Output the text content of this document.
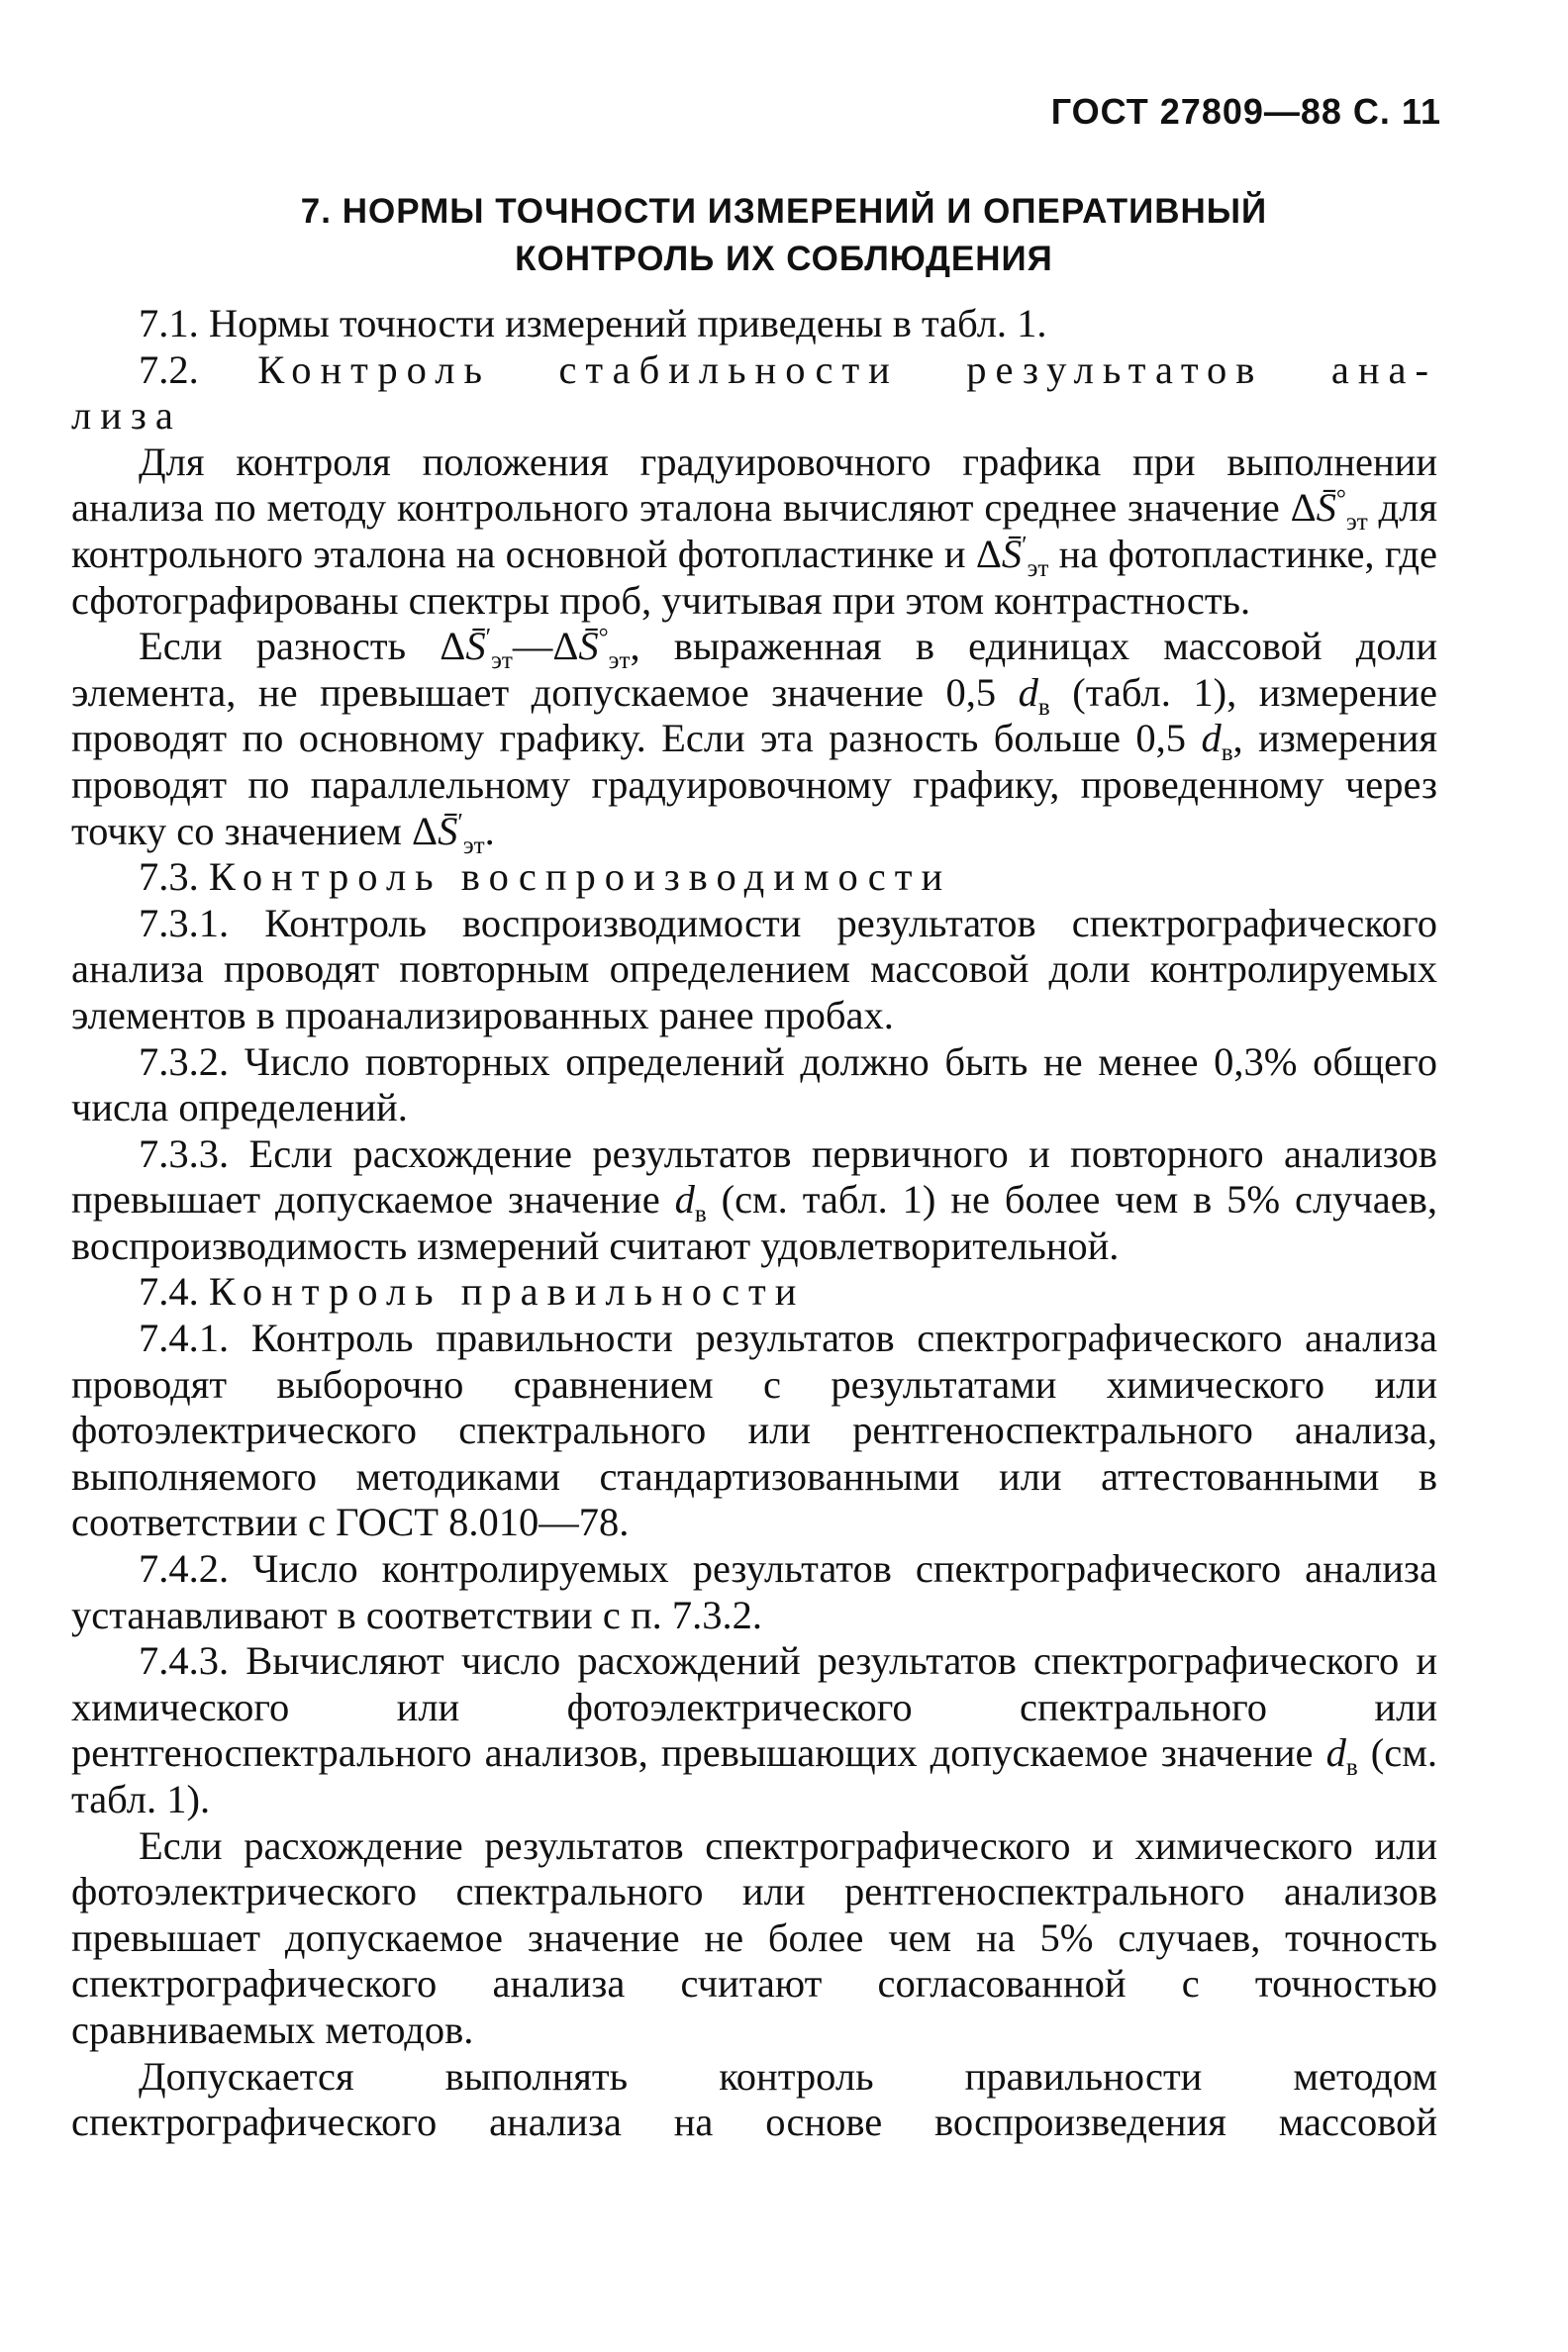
ГОСТ 27809—88 С. 11
7. НОРМЫ ТОЧНОСТИ ИЗМЕРЕНИЙ И ОПЕРАТИВНЫЙ
КОНТРОЛЬ ИХ СОБЛЮДЕНИЯ

7.1. Нормы точности измерений приведены в табл. 1.

7.2. Контроль стабильности результатов ана-

лиза

Для контроля положения градуировочного графика при выполнении анализа по методу контрольного эталона вычисляют среднее значение $\Delta S^\circ_{эт}$ для контрольного эталона на основной фотопластинке и $\Delta S'_{эт}$ на фотопластинке, где сфотографированы спектры проб, учитывая при этом контрастность.

Если разность $\Delta S'_{эт}—\Delta S^\circ_{эт}$, выраженная в единицах массовой доли элемента, не превышает допускаемое значение 0,5 $d_в$ (табл. 1), измерение проводят по основному графику. Если эта разность больше 0,5 $d_в$, измерения проводят по параллельному градуировочному графику, проведенному через точку со значением $\Delta S'_{эт}$.

7.3. Контроль воспроизводимости

7.3.1. Контроль воспроизводимости результатов спектрографического анализа проводят повторным определением массовой доли контролируемых элементов в проанализированных ранее пробах.

7.3.2. Число повторных определений должно быть не менее 0,3% общего числа определений.

7.3.3. Если расхождение результатов первичного и повторного анализов превышает допускаемое значение $d_в$ (см. табл. 1) не более чем в 5% случаев, воспроизводимость измерений считают удовлетворительной.

7.4. Контроль правильности

7.4.1. Контроль правильности результатов спектрографического анализа проводят выборочно сравнением с результатами химического или фотоэлектрического спектрального или рентгеноспектрального анализа, выполняемого методиками стандартизованными или аттестованными в соответствии с ГОСТ 8.010—78.

7.4.2. Число контролируемых результатов спектрографического анализа устанавливают в соответствии с п. 7.3.2.

7.4.3. Вычисляют число расхождений результатов спектрографического и химического или фотоэлектрического спектрального или рентгеноспектрального анализов, превышающих допускаемое значение $d_в$ (см. табл. 1).

Если расхождение результатов спектрографического и химического или фотоэлектрического спектрального или рентгеноспектрального анализов превышает допускаемое значение не более чем на 5% случаев, точность спектрографического анализа считают согласованной с точностью сравниваемых методов.

Допускается выполнять контроль правильности методом спектрографического анализа на основе воспроизведения массовой
